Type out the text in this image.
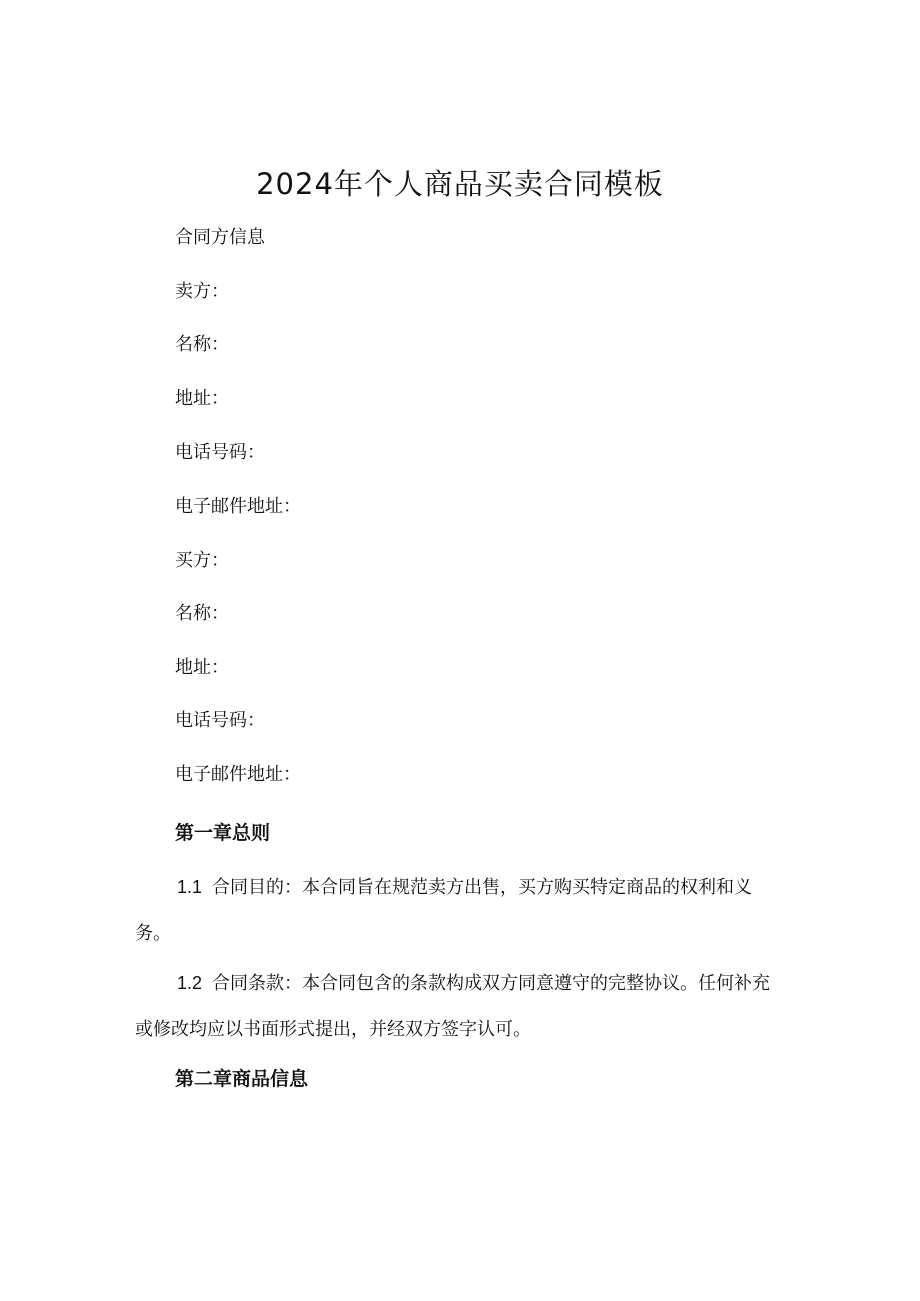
2024年个人商品买卖合同模板
合同方信息
卖方：
名称：
地址：
电话号码：
电子邮件地址：
买方：
名称：
地址：
电话号码：
电子邮件地址：
第一章总则
1.1 合同目的：本合同旨在规范卖方出售，买方购买特定商品的权利和义务。
1.2 合同条款：本合同包含的条款构成双方同意遵守的完整协议。任何补充或修改均应以书面形式提出，并经双方签字认可。
第二章商品信息
